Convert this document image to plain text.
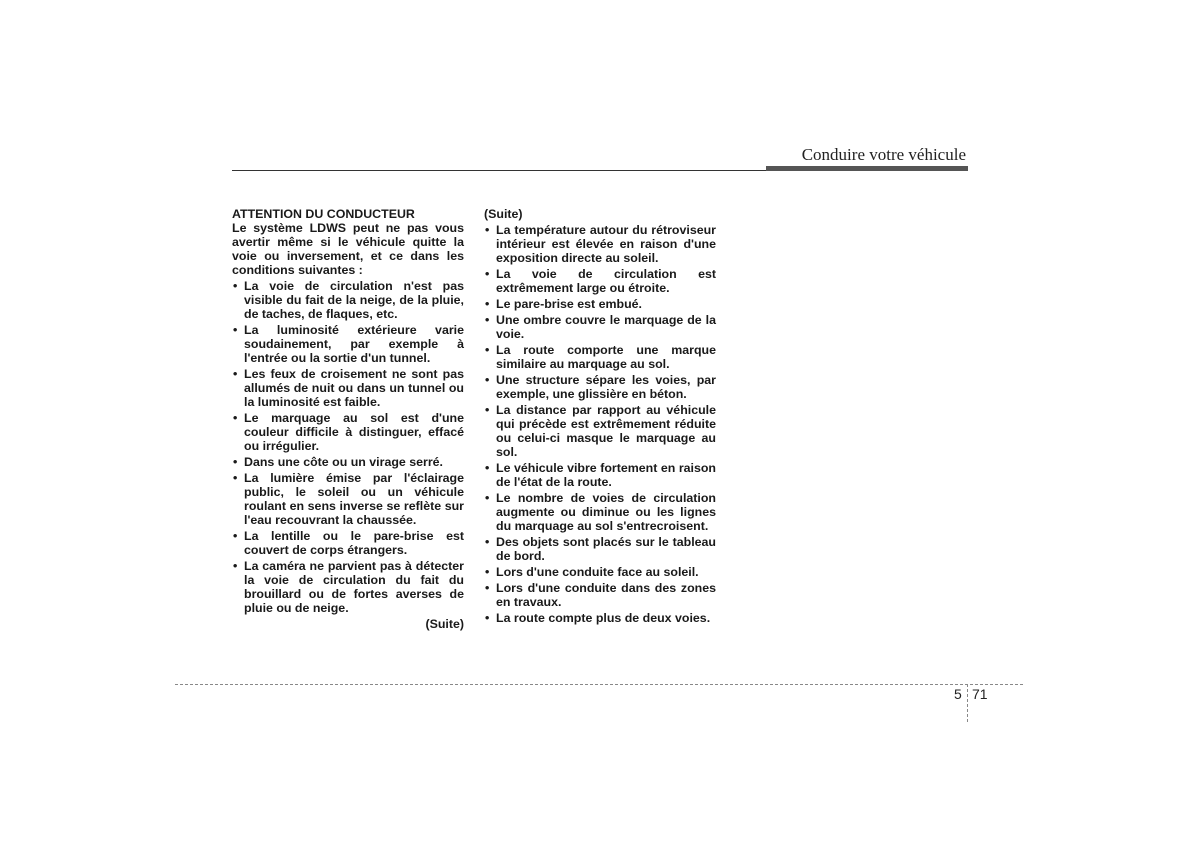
Conduire votre véhicule

ATTENTION DU CONDUCTEUR

Le système LDWS peut ne pas vous avertir même si le véhicule quitte la voie ou inversement, et ce dans les conditions suivantes :

• La voie de circulation n'est pas visible du fait de la neige, de la pluie, de taches, de flaques, etc.
• La luminosité extérieure varie soudainement, par exemple à l'entrée ou la sortie d'un tunnel.
• Les feux de croisement ne sont pas allumés de nuit ou dans un tunnel ou la luminosité est faible.
• Le marquage au sol est d'une couleur difficile à distinguer, effacé ou irrégulier.
• Dans une côte ou un virage serré.
• La lumière émise par l'éclairage public, le soleil ou un véhicule roulant en sens inverse se reflète sur l'eau recouvrant la chaussée.
• La lentille ou le pare-brise est couvert de corps étrangers.
• La caméra ne parvient pas à détecter la voie de circulation du fait du brouillard ou de fortes averses de pluie ou de neige.
(Suite)

(Suite)

• La température autour du rétroviseur intérieur est élevée en raison d'une exposition directe au soleil.
• La voie de circulation est extrêmement large ou étroite.
• Le pare-brise est embué.
• Une ombre couvre le marquage de la voie.
• La route comporte une marque similaire au marquage au sol.
• Une structure sépare les voies, par exemple, une glissière en béton.
• La distance par rapport au véhicule qui précède est extrêmement réduite ou celui-ci masque le marquage au sol.
• Le véhicule vibre fortement en raison de l'état de la route.
• Le nombre de voies de circulation augmente ou diminue ou les lignes du marquage au sol s'entrecroisent.
• Des objets sont placés sur le tableau de bord.
• Lors d'une conduite face au soleil.
• Lors d'une conduite dans des zones en travaux.
• La route compte plus de deux voies.
5 71
